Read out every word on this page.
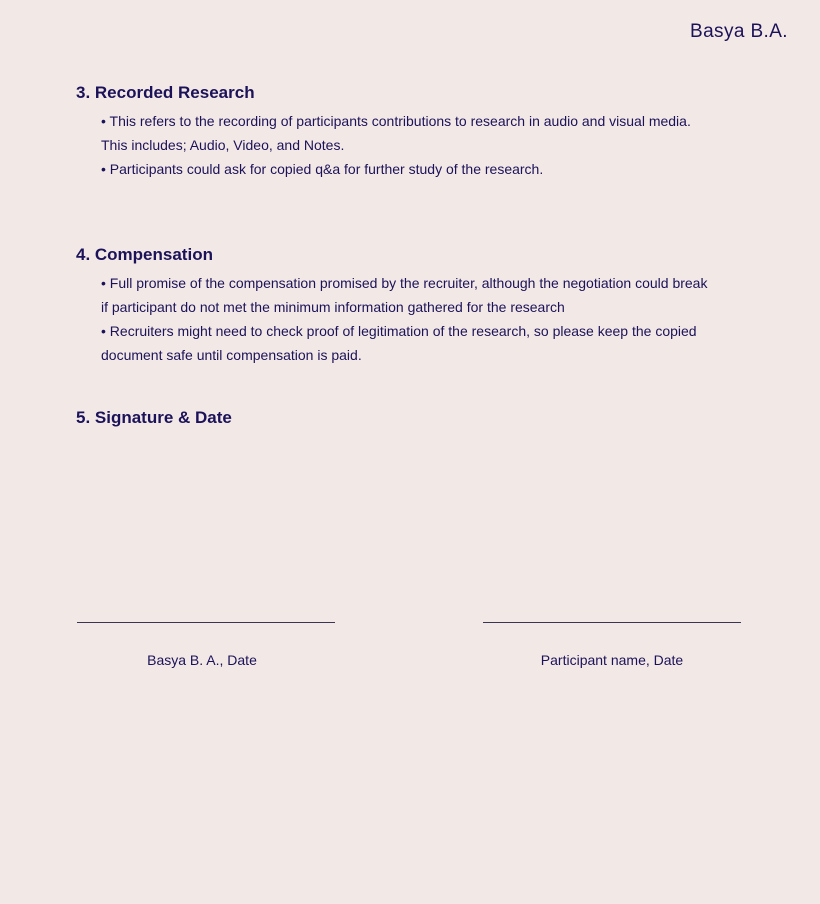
Basya B.A.
3. Recorded Research

• This refers to the recording of participants contributions to research in audio and visual media.

This includes; Audio, Video, and Notes.

• Participants could ask for copied q&a for further study of the research.

4. Compensation

• Full promise of the compensation promised by the recruiter, although the negotiation could break

if participant do not met the minimum information gathered for the research

• Recruiters might need to check proof of legitimation of the research, so please keep the copied

document safe until compensation is paid.

5. Signature & Date
Basya B. A., Date	Participant name, Date
